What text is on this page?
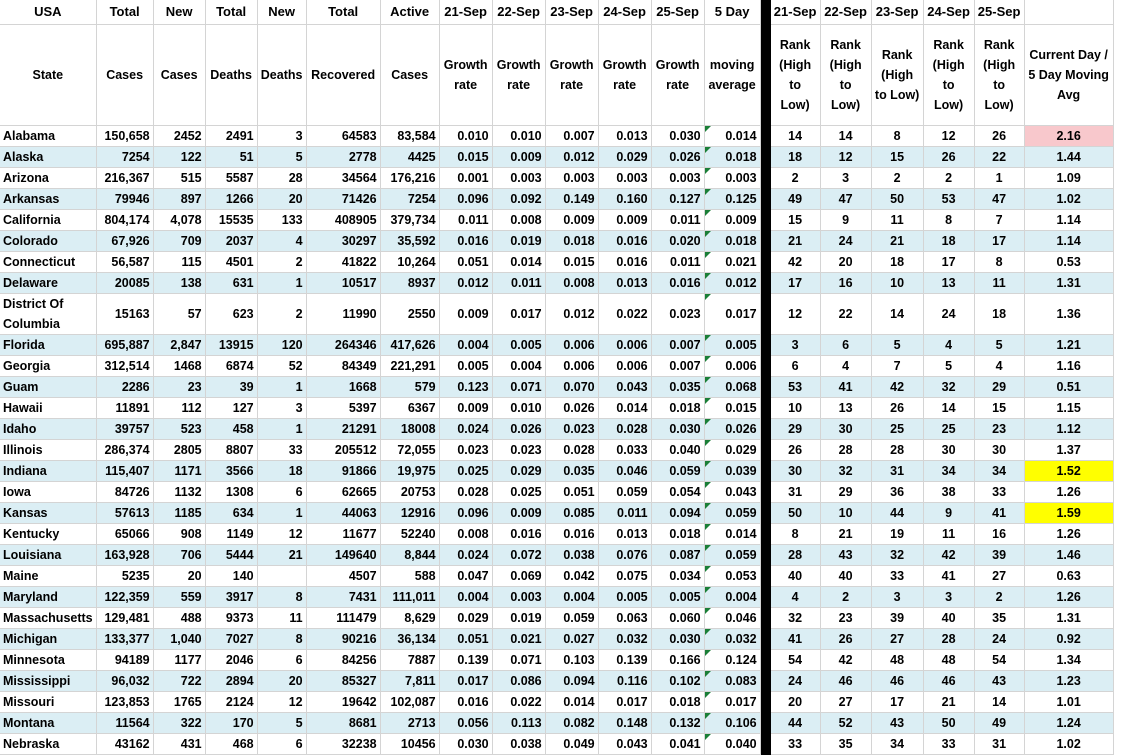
USA	Total	New	Total	New	Total	Active	21-Sep	22-Sep	23-Sep	24-Sep	25-Sep	5 Day		21-Sep	22-Sep	23-Sep	24-Sep	25-Sep	
State	Cases	Cases	Deaths	Deaths	Recovered	Cases	Growth rate	Growth rate	Growth rate	Growth rate	Growth rate	moving average		Rank (High to Low)	Rank (High to Low)	Rank (High to Low)	Rank (High to Low)	Rank (High to Low)	Current Day / 5 Day Moving Avg
Alabama	150,658	2452	2491	3	64583	83,584	0.010	0.010	0.007	0.013	0.030	0.014		14	14	8	12	26	2.16
Alaska	7254	122	51	5	2778	4425	0.015	0.009	0.012	0.029	0.026	0.018		18	12	15	26	22	1.44
Arizona	216,367	515	5587	28	34564	176,216	0.001	0.003	0.003	0.003	0.003	0.003		2	3	2	2	1	1.09
Arkansas	79946	897	1266	20	71426	7254	0.096	0.092	0.149	0.160	0.127	0.125		49	47	50	53	47	1.02
California	804,174	4,078	15535	133	408905	379,734	0.011	0.008	0.009	0.009	0.011	0.009		15	9	11	8	7	1.14
Colorado	67,926	709	2037	4	30297	35,592	0.016	0.019	0.018	0.016	0.020	0.018		21	24	21	18	17	1.14
Connecticut	56,587	115	4501	2	41822	10,264	0.051	0.014	0.015	0.016	0.011	0.021		42	20	18	17	8	0.53
Delaware	20085	138	631	1	10517	8937	0.012	0.011	0.008	0.013	0.016	0.012		17	16	10	13	11	1.31
District Of Columbia	15163	57	623	2	11990	2550	0.009	0.017	0.012	0.022	0.023	0.017		12	22	14	24	18	1.36
Florida	695,887	2,847	13915	120	264346	417,626	0.004	0.005	0.006	0.006	0.007	0.005		3	6	5	4	5	1.21
Georgia	312,514	1468	6874	52	84349	221,291	0.005	0.004	0.006	0.006	0.007	0.006		6	4	7	5	4	1.16
Guam	2286	23	39	1	1668	579	0.123	0.071	0.070	0.043	0.035	0.068		53	41	42	32	29	0.51
Hawaii	11891	112	127	3	5397	6367	0.009	0.010	0.026	0.014	0.018	0.015		10	13	26	14	15	1.15
Idaho	39757	523	458	1	21291	18008	0.024	0.026	0.023	0.028	0.030	0.026		29	30	25	25	23	1.12
Illinois	286,374	2805	8807	33	205512	72,055	0.023	0.023	0.028	0.033	0.040	0.029		26	28	28	30	30	1.37
Indiana	115,407	1171	3566	18	91866	19,975	0.025	0.029	0.035	0.046	0.059	0.039		30	32	31	34	34	1.52
Iowa	84726	1132	1308	6	62665	20753	0.028	0.025	0.051	0.059	0.054	0.043		31	29	36	38	33	1.26
Kansas	57613	1185	634	1	44063	12916	0.096	0.009	0.085	0.011	0.094	0.059		50	10	44	9	41	1.59
Kentucky	65066	908	1149	12	11677	52240	0.008	0.016	0.016	0.013	0.018	0.014		8	21	19	11	16	1.26
Louisiana	163,928	706	5444	21	149640	8,844	0.024	0.072	0.038	0.076	0.087	0.059		28	43	32	42	39	1.46
Maine	5235	20	140		4507	588	0.047	0.069	0.042	0.075	0.034	0.053		40	40	33	41	27	0.63
Maryland	122,359	559	3917	8	7431	111,011	0.004	0.003	0.004	0.005	0.005	0.004		4	2	3	3	2	1.26
Massachusetts	129,481	488	9373	11	111479	8,629	0.029	0.019	0.059	0.063	0.060	0.046		32	23	39	40	35	1.31
Michigan	133,377	1,040	7027	8	90216	36,134	0.051	0.021	0.027	0.032	0.030	0.032		41	26	27	28	24	0.92
Minnesota	94189	1177	2046	6	84256	7887	0.139	0.071	0.103	0.139	0.166	0.124		54	42	48	48	54	1.34
Mississippi	96,032	722	2894	20	85327	7,811	0.017	0.086	0.094	0.116	0.102	0.083		24	46	46	46	43	1.23
Missouri	123,853	1765	2124	12	19642	102,087	0.016	0.022	0.014	0.017	0.018	0.017		20	27	17	21	14	1.01
Montana	11564	322	170	5	8681	2713	0.056	0.113	0.082	0.148	0.132	0.106		44	52	43	50	49	1.24
Nebraska	43162	431	468	6	32238	10456	0.030	0.038	0.049	0.043	0.041	0.040		33	35	34	33	31	1.02
